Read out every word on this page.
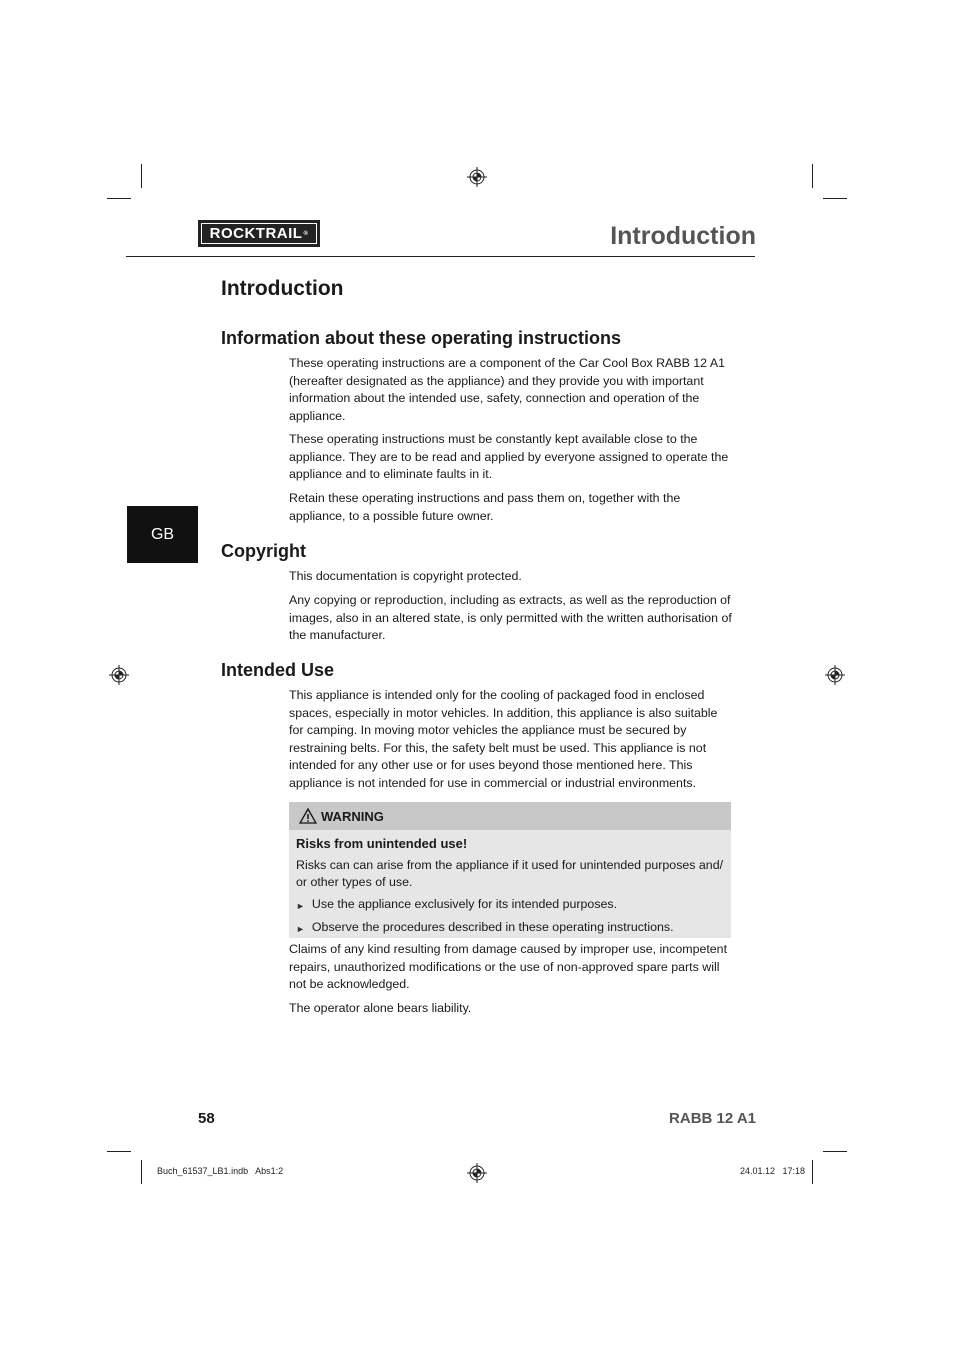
ROCKTRAIL ®	Introduction
GB
Introduction
Information about these operating instructions

These operating instructions are a component of the Car Cool Box RABB 12 A1 (hereafter designated as the appliance) and they provide you with important information about the intended use, safety, connection and operation of the appliance.

These operating instructions must be constantly kept available close to the appliance. They are to be read and applied by everyone assigned to operate the appliance and to eliminate faults in it.

Retain these operating instructions and pass them on, together with the appliance, to a possible future owner.

Copyright

This documentation is copyright protected.

Any copying or reproduction, including as extracts, as well as the reproduction of images, also in an altered state, is only permitted with the written authorisation of the manufacturer.

Intended Use

This appliance is intended only for the cooling of packaged food in enclosed spaces, especially in motor vehicles. In addition, this appliance is also suitable for camping. In moving motor vehicles the appliance must be secured by restraining belts. For this, the safety belt must be used. This appliance is not intended for any other use or for uses beyond those mentioned here. This appliance is not intended for use in commercial or industrial environments.

WARNING

Risks from unintended use!

Risks can can arise from the appliance if it used for unintended purposes and/ or other types of use.
► Use the appliance exclusively for its intended purposes.
► Observe the procedures described in these operating instructions.

Claims of any kind resulting from damage caused by improper use, incompetent repairs, unauthorized modifications or the use of non-approved spare parts will not be acknowledged.

The operator alone bears liability.

58	RABB 12 A1
Buch_61537_LB1.indb   Abs1:2	24.01.12   17:18
